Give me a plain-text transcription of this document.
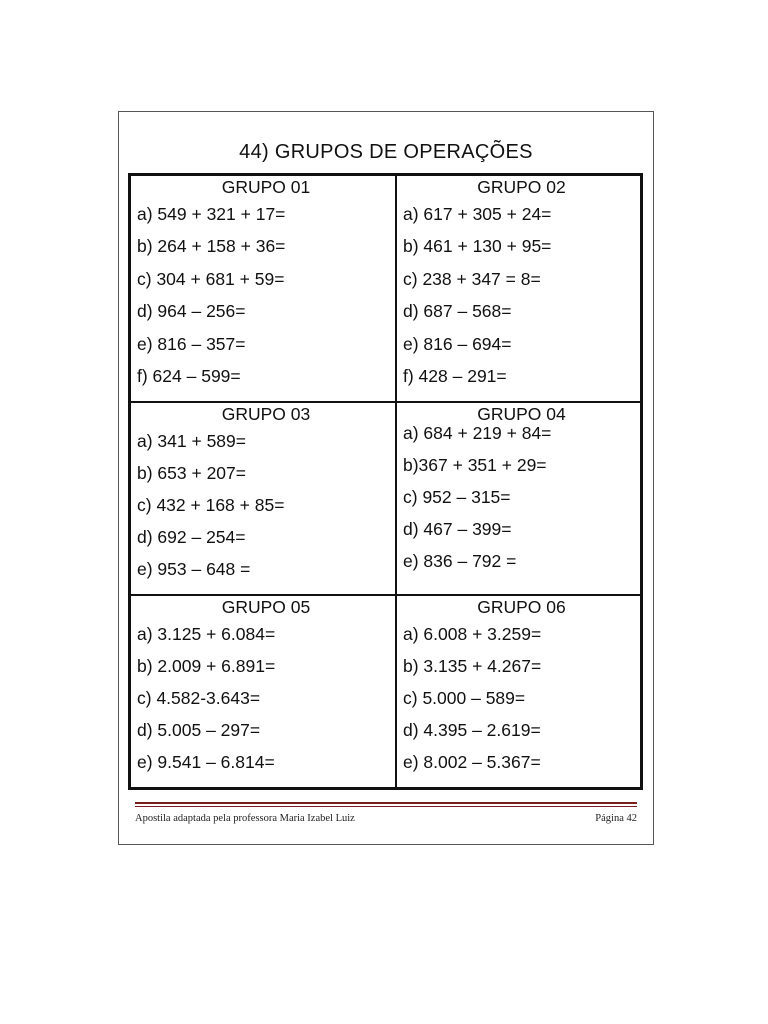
44) GRUPOS DE OPERAÇÕES
GRUPO 01
a) 549 + 321 + 17=
b) 264 + 158 + 36=
c) 304 + 681 + 59=
d) 964 – 256=
e) 816 – 357=
f) 624 – 599=
GRUPO 02
a) 617 + 305 + 24=
b) 461 + 130 + 95=
c) 238 + 347 = 8=
d) 687 – 568=
e) 816 – 694=
f) 428 – 291=
GRUPO 03
a) 341 + 589=
b) 653 + 207=
c) 432 + 168 + 85=
d) 692 – 254=
e) 953 – 648 =
GRUPO 04
a) 684 + 219 + 84=
b)367 + 351 + 29=
c) 952 – 315=
d) 467 – 399=
e) 836 – 792 =
GRUPO 05
a) 3.125 + 6.084=
b) 2.009 + 6.891=
c) 4.582-3.643=
d) 5.005 – 297=
e) 9.541 – 6.814=
GRUPO 06
a) 6.008 + 3.259=
b) 3.135 + 4.267=
c) 5.000 – 589=
d) 4.395 – 2.619=
e) 8.002 – 5.367=
Apostila adaptada pela professora Maria Izabel Luiz	Página 42
